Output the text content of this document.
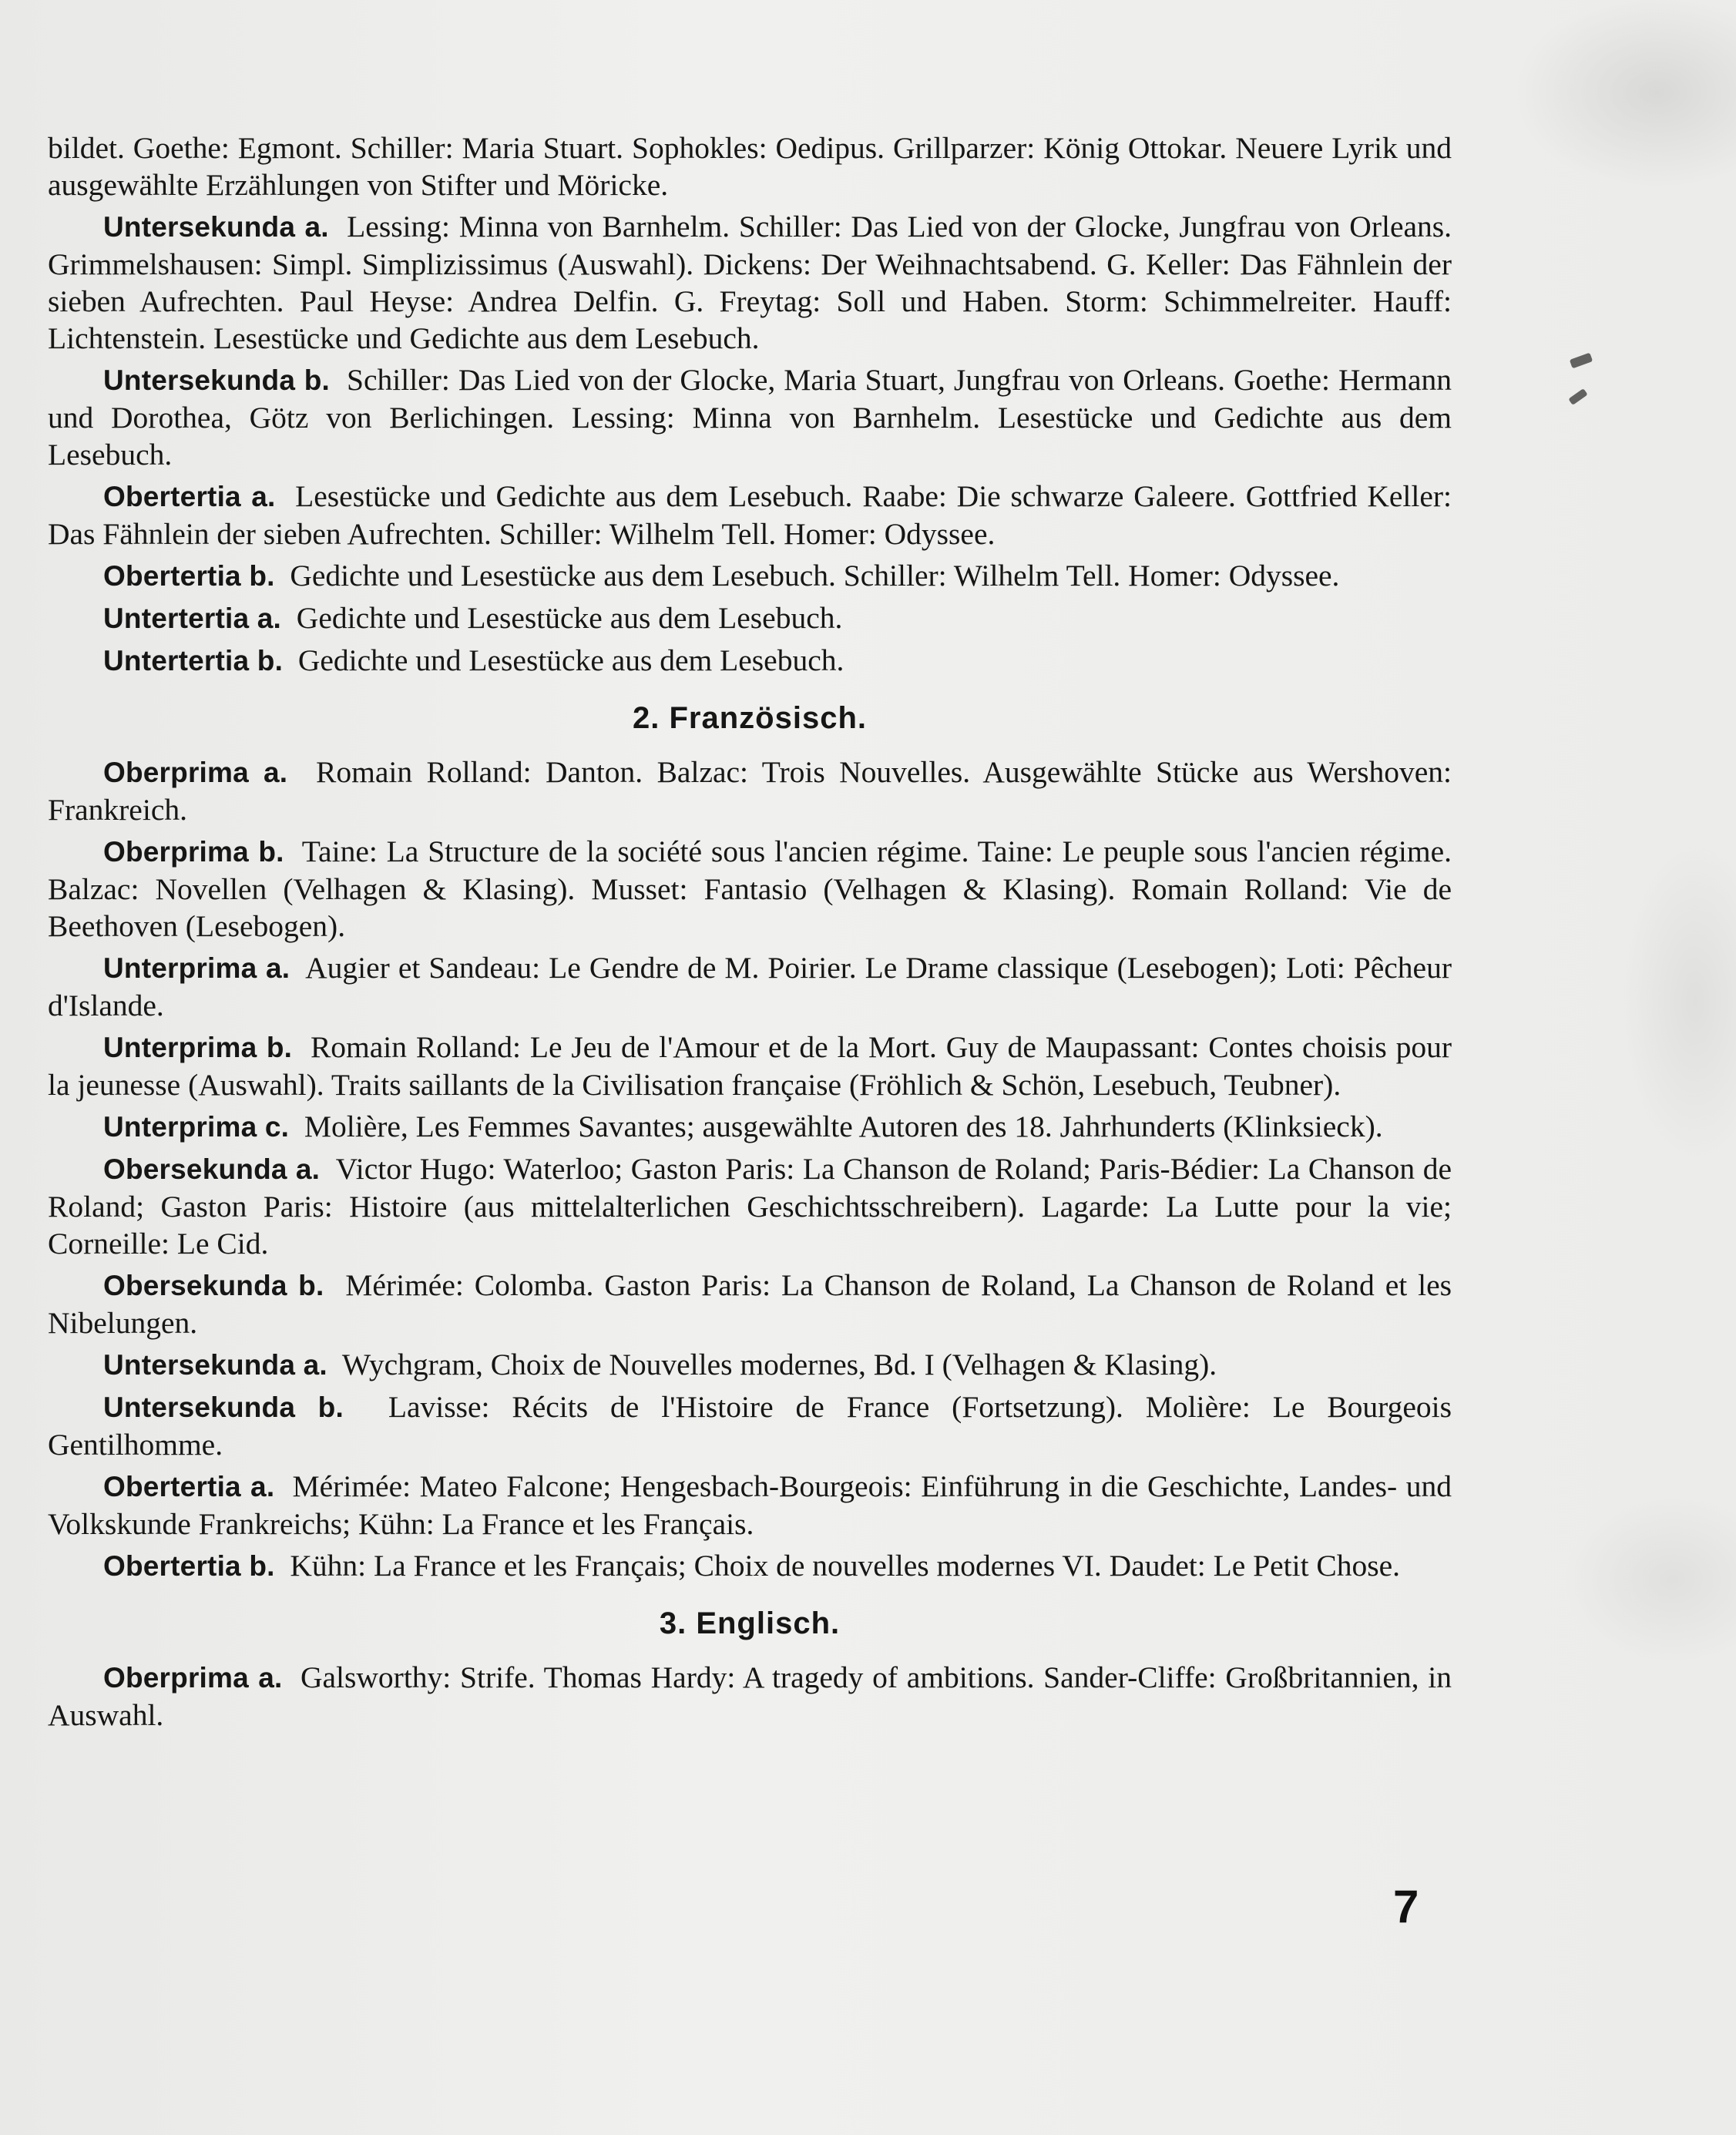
bildet. Goethe: Egmont. Schiller: Maria Stuart. Sophokles: Oedipus. Grillparzer: König Ottokar. Neuere Lyrik und ausgewählte Erzählungen von Stifter und Möricke.

Untersekunda a. Lessing: Minna von Barnhelm. Schiller: Das Lied von der Glocke, Jungfrau von Orleans. Grimmelshausen: Simpl. Simplizissimus (Auswahl). Dickens: Der Weihnachtsabend. G. Keller: Das Fähnlein der sieben Aufrechten. Paul Heyse: Andrea Delfin. G. Freytag: Soll und Haben. Storm: Schimmelreiter. Hauff: Lichtenstein. Lesestücke und Gedichte aus dem Lesebuch.

Untersekunda b. Schiller: Das Lied von der Glocke, Maria Stuart, Jungfrau von Orleans. Goethe: Hermann und Dorothea, Götz von Berlichingen. Lessing: Minna von Barnhelm. Lesestücke und Gedichte aus dem Lesebuch.

Obertertia a. Lesestücke und Gedichte aus dem Lesebuch. Raabe: Die schwarze Galeere. Gottfried Keller: Das Fähnlein der sieben Aufrechten. Schiller: Wilhelm Tell. Homer: Odyssee.

Obertertia b. Gedichte und Lesestücke aus dem Lesebuch. Schiller: Wilhelm Tell. Homer: Odyssee.

Untertertia a. Gedichte und Lesestücke aus dem Lesebuch.

Untertertia b. Gedichte und Lesestücke aus dem Lesebuch.

2. Französisch.

Oberprima a. Romain Rolland: Danton. Balzac: Trois Nouvelles. Ausgewählte Stücke aus Wershoven: Frankreich.

Oberprima b. Taine: La Structure de la société sous l'ancien régime. Taine: Le peuple sous l'ancien régime. Balzac: Novellen (Velhagen & Klasing). Musset: Fantasio (Velhagen & Klasing). Romain Rolland: Vie de Beethoven (Lesebogen).

Unterprima a. Augier et Sandeau: Le Gendre de M. Poirier. Le Drame classique (Lesebogen); Loti: Pêcheur d'Islande.

Unterprima b. Romain Rolland: Le Jeu de l'Amour et de la Mort. Guy de Maupassant: Contes choisis pour la jeunesse (Auswahl). Traits saillants de la Civilisation française (Fröhlich & Schön, Lesebuch, Teubner).

Unterprima c. Molière, Les Femmes Savantes; ausgewählte Autoren des 18. Jahrhunderts (Klinksieck).

Obersekunda a. Victor Hugo: Waterloo; Gaston Paris: La Chanson de Roland; Paris-Bédier: La Chanson de Roland; Gaston Paris: Histoire (aus mittelalterlichen Geschichtsschreibern). Lagarde: La Lutte pour la vie; Corneille: Le Cid.

Obersekunda b. Mérimée: Colomba. Gaston Paris: La Chanson de Roland, La Chanson de Roland et les Nibelungen.

Untersekunda a. Wychgram, Choix de Nouvelles modernes, Bd. I (Velhagen & Klasing).

Untersekunda b. Lavisse: Récits de l'Histoire de France (Fortsetzung). Molière: Le Bourgeois Gentilhomme.

Obertertia a. Mérimée: Mateo Falcone; Hengesbach-Bourgeois: Einführung in die Geschichte, Landes- und Volkskunde Frankreichs; Kühn: La France et les Français.

Obertertia b. Kühn: La France et les Français; Choix de nouvelles modernes VI. Daudet: Le Petit Chose.

3. Englisch.

Oberprima a. Galsworthy: Strife. Thomas Hardy: A tragedy of ambitions. Sander-Cliffe: Großbritannien, in Auswahl.

7
